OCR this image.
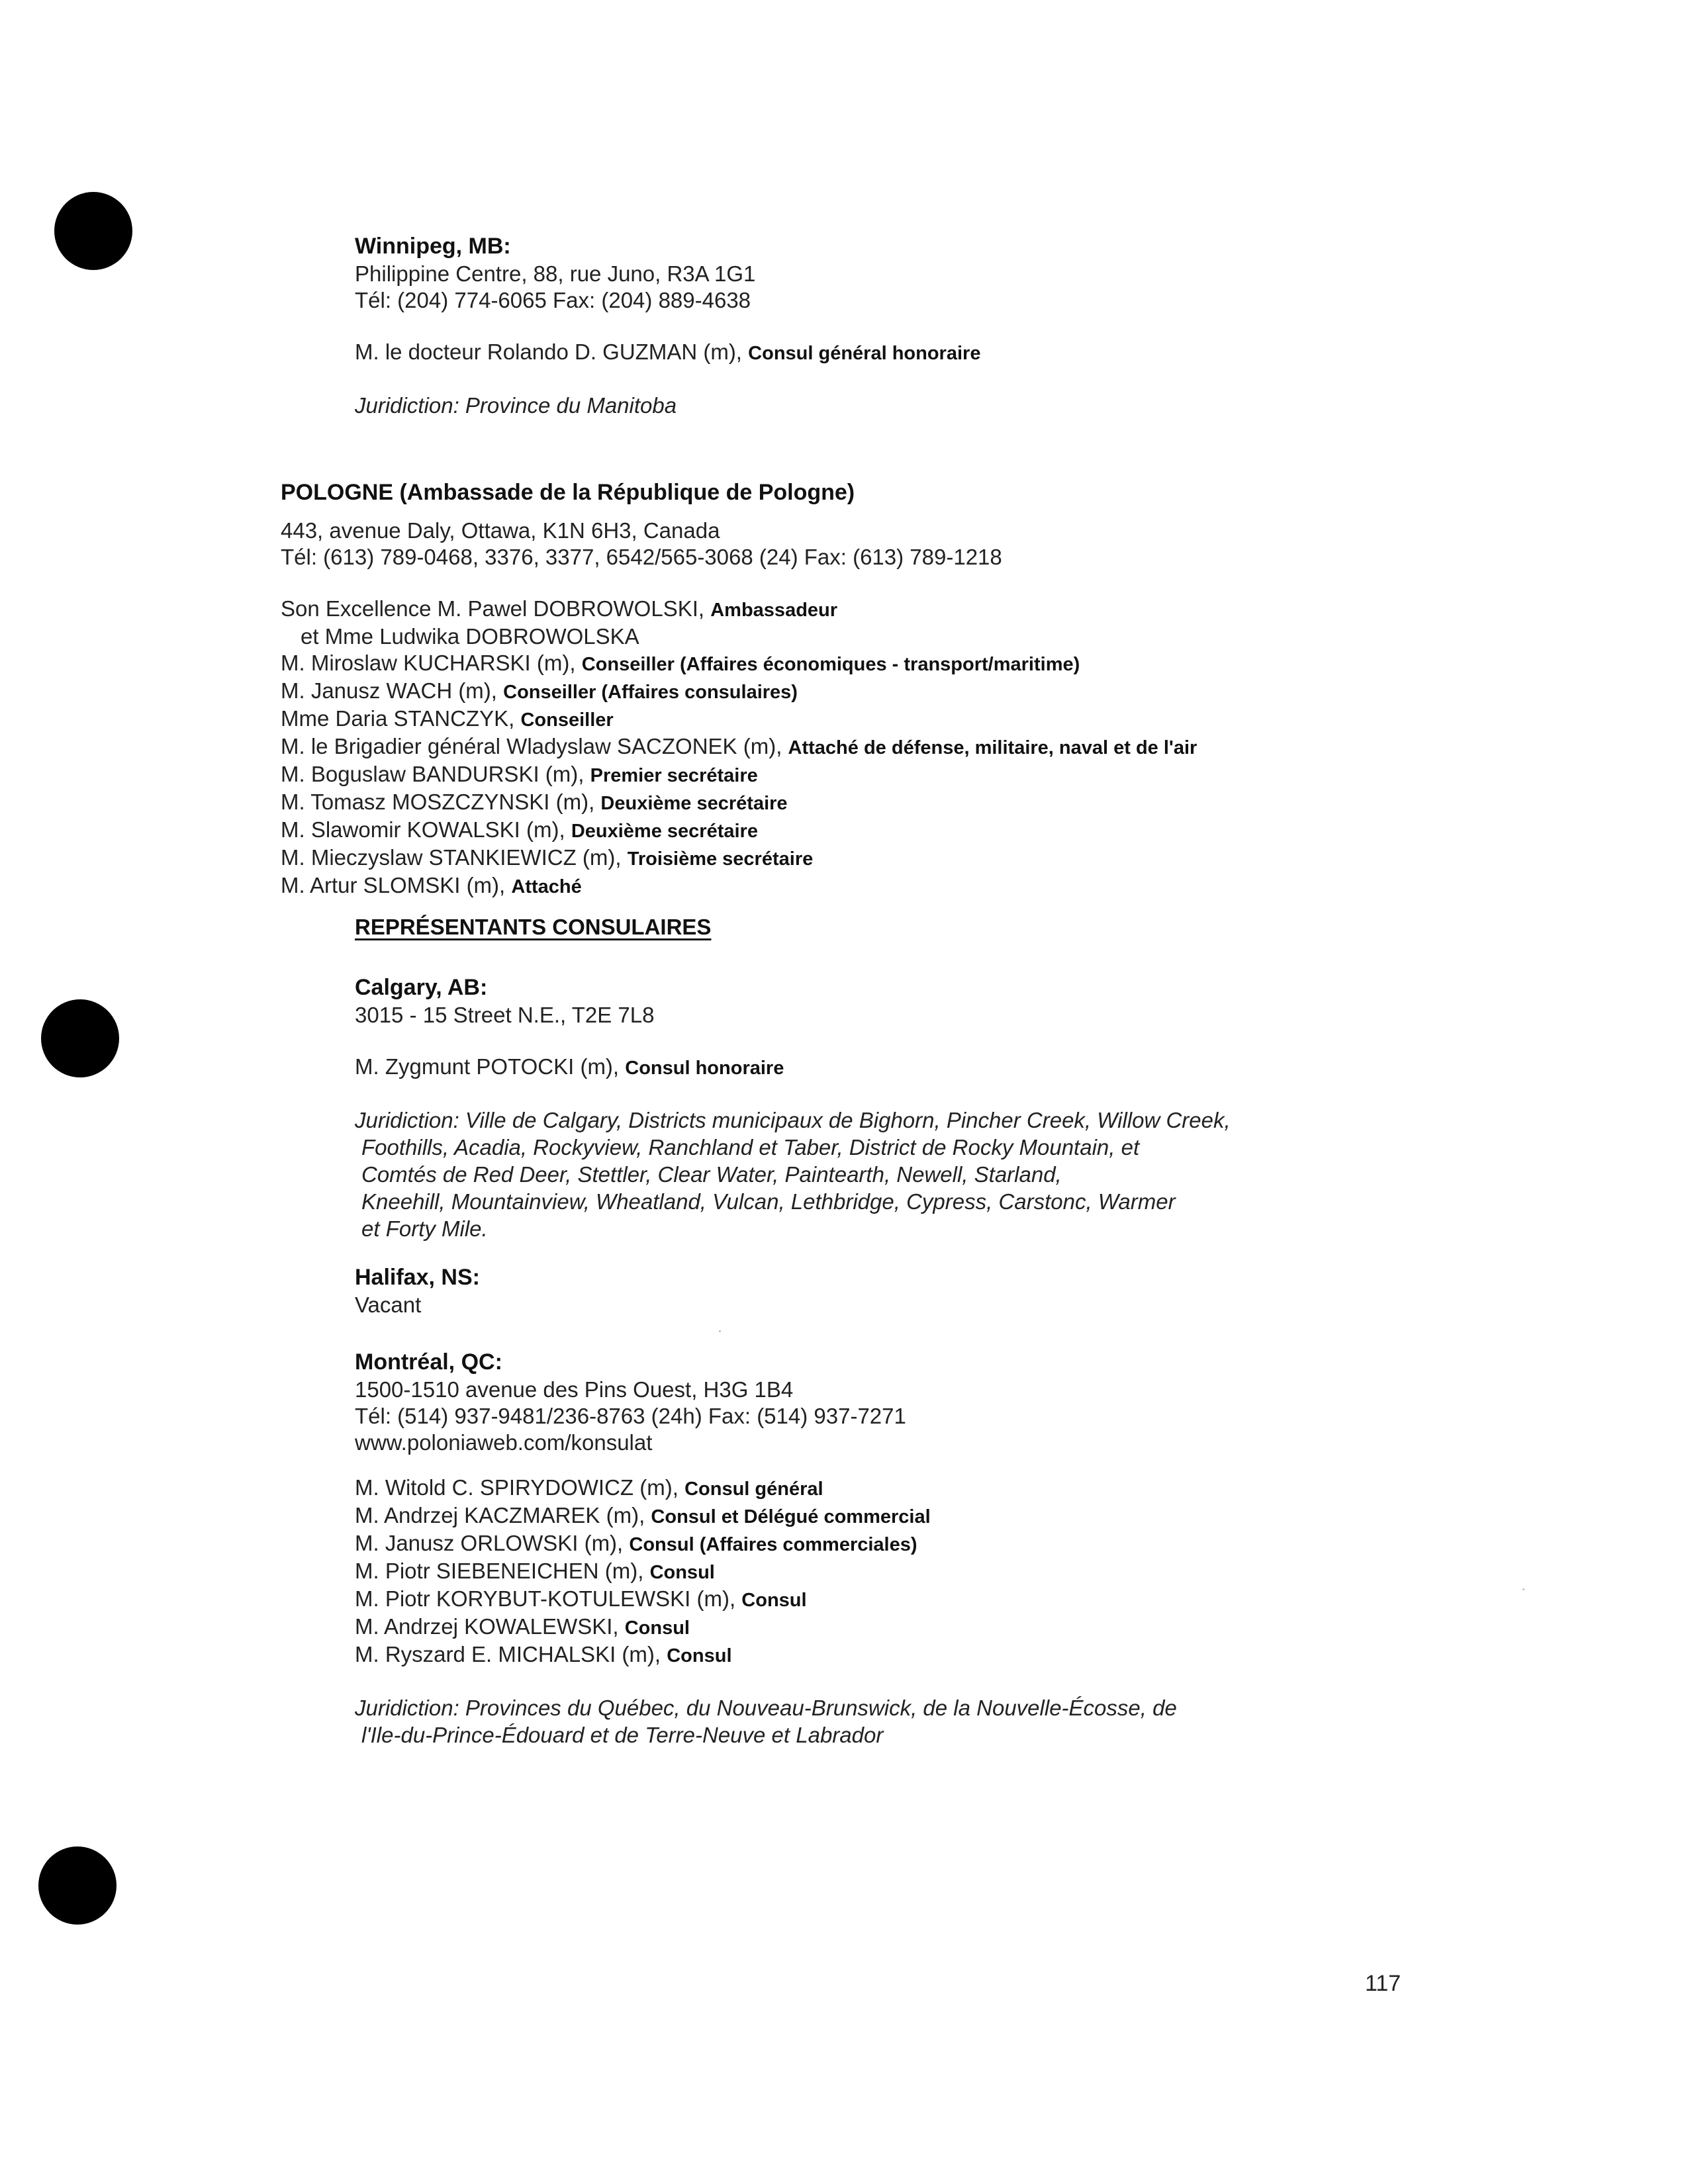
Winnipeg, MB:
Philippine Centre, 88, rue Juno, R3A 1G1
Tél: (204) 774-6065 Fax: (204) 889-4638
M. le docteur Rolando D. GUZMAN (m), Consul général honoraire
Juridiction: Province du Manitoba
POLOGNE (Ambassade de la République de Pologne)
443, avenue Daly, Ottawa, K1N 6H3, Canada
Tél: (613) 789-0468, 3376, 3377, 6542/565-3068 (24) Fax: (613) 789-1218
Son Excellence M. Pawel DOBROWOLSKI, Ambassadeur
et Mme Ludwika DOBROWOLSKA
M. Miroslaw KUCHARSKI (m), Conseiller (Affaires économiques - transport/maritime)
M. Janusz WACH (m), Conseiller (Affaires consulaires)
Mme Daria STANCZYK, Conseiller
M. le Brigadier général Wladyslaw SACZONEK (m), Attaché de défense, militaire, naval et de l'air
M. Boguslaw BANDURSKI (m), Premier secrétaire
M. Tomasz MOSZCZYNSKI (m), Deuxième secrétaire
M. Slawomir KOWALSKI (m), Deuxième secrétaire
M. Mieczyslaw STANKIEWICZ (m), Troisième secrétaire
M. Artur SLOMSKI (m), Attaché
REPRÉSENTANTS CONSULAIRES
Calgary, AB:
3015 - 15 Street N.E., T2E 7L8
M. Zygmunt POTOCKI (m), Consul honoraire
Juridiction: Ville de Calgary, Districts municipaux de Bighorn, Pincher Creek, Willow Creek,
Foothills, Acadia, Rockyview, Ranchland et Taber, District de Rocky Mountain, et
Comtés de Red Deer, Stettler, Clear Water, Paintearth, Newell, Starland,
Kneehill, Mountainview, Wheatland, Vulcan, Lethbridge, Cypress, Carstonc, Warmer
et Forty Mile.
Halifax, NS:
Vacant
Montréal, QC:
1500-1510 avenue des Pins Ouest, H3G 1B4
Tél: (514) 937-9481/236-8763 (24h) Fax: (514) 937-7271
www.poloniaweb.com/konsulat
M. Witold C. SPIRYDOWICZ (m), Consul général
M. Andrzej KACZMAREK (m), Consul et Délégué commercial
M. Janusz ORLOWSKI (m), Consul (Affaires commerciales)
M. Piotr SIEBENEICHEN (m), Consul
M. Piotr KORYBUT-KOTULEWSKI (m), Consul
M. Andrzej KOWALEWSKI, Consul
M. Ryszard E. MICHALSKI (m), Consul
Juridiction: Provinces du Québec, du Nouveau-Brunswick, de la Nouvelle-Écosse, de
l'Ile-du-Prince-Édouard et de Terre-Neuve et Labrador
117
